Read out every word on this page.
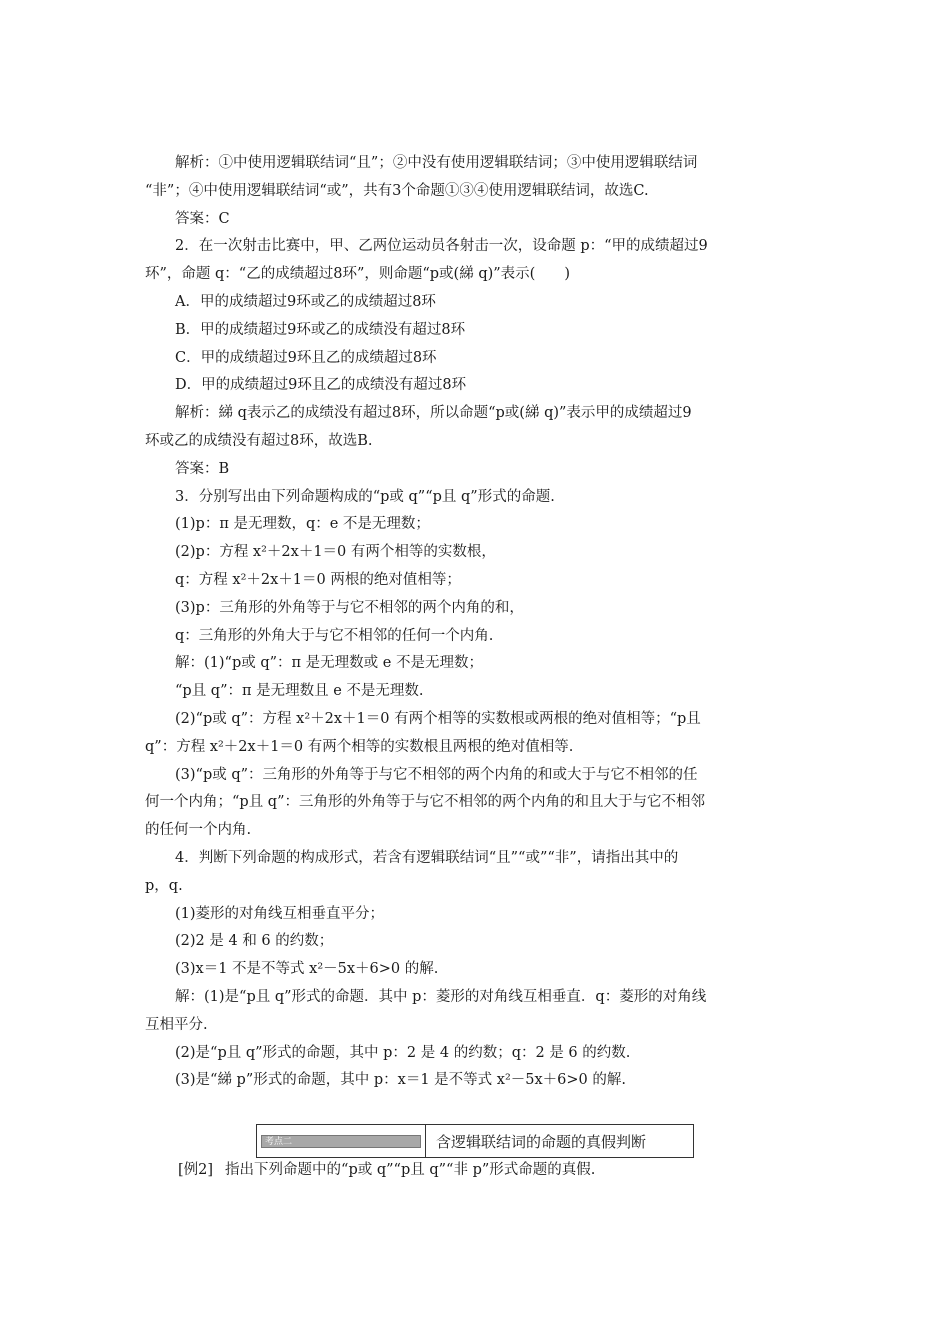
解析：①中使用逻辑联结词“且”；②中没有使用逻辑联结词；③中使用逻辑联结词
“非”；④中使用逻辑联结词“或”，共有3个命题①③④使用逻辑联结词，故选C.
答案：C
2．在一次射击比赛中，甲、乙两位运动员各射击一次，设命题 p：“甲的成绩超过9
环”，命题 q：“乙的成绩超过8环”，则命题“p或(綈 q)”表示(　　)
A．甲的成绩超过9环或乙的成绩超过8环
B．甲的成绩超过9环或乙的成绩没有超过8环
C．甲的成绩超过9环且乙的成绩超过8环
D．甲的成绩超过9环且乙的成绩没有超过8环
解析：綈 q表示乙的成绩没有超过8环，所以命题“p或(綈 q)”表示甲的成绩超过9
环或乙的成绩没有超过8环，故选B.
答案：B
3．分别写出由下列命题构成的“p或 q”“p且 q”形式的命题.
(1)p：π 是无理数，q：e 不是无理数；
(2)p：方程 x²＋2x＋1＝0 有两个相等的实数根，
q：方程 x²＋2x＋1＝0 两根的绝对值相等；
(3)p：三角形的外角等于与它不相邻的两个内角的和，
q：三角形的外角大于与它不相邻的任何一个内角.
解：(1)“p或 q”：π 是无理数或 e 不是无理数；
“p且 q”：π 是无理数且 e 不是无理数.
(2)“p或 q”：方程 x²＋2x＋1＝0 有两个相等的实数根或两根的绝对值相等；“p且
q”：方程 x²＋2x＋1＝0 有两个相等的实数根且两根的绝对值相等.
(3)“p或 q”：三角形的外角等于与它不相邻的两个内角的和或大于与它不相邻的任
何一个内角；“p且 q”：三角形的外角等于与它不相邻的两个内角的和且大于与它不相邻
的任何一个内角.
4．判断下列命题的构成形式，若含有逻辑联结词“且”“或”“非”，请指出其中的
p，q.
(1)菱形的对角线互相垂直平分；
(2)2 是 4 和 6 的约数；
(3)x＝1 不是不等式 x²－5x＋6>0 的解.
解：(1)是“p且 q”形式的命题．其中 p：菱形的对角线互相垂直．q：菱形的对角线
互相平分.
(2)是“p且 q”形式的命题，其中 p：2 是 4 的约数；q：2 是 6 的约数.
(3)是“綈 p”形式的命题，其中 p：x＝1 是不等式 x²－5x＋6>0 的解.
考点二	含逻辑联结词的命题的真假判断
[例2] 指出下列命题中的“p或 q”“p且 q”“非 p”形式命题的真假.
